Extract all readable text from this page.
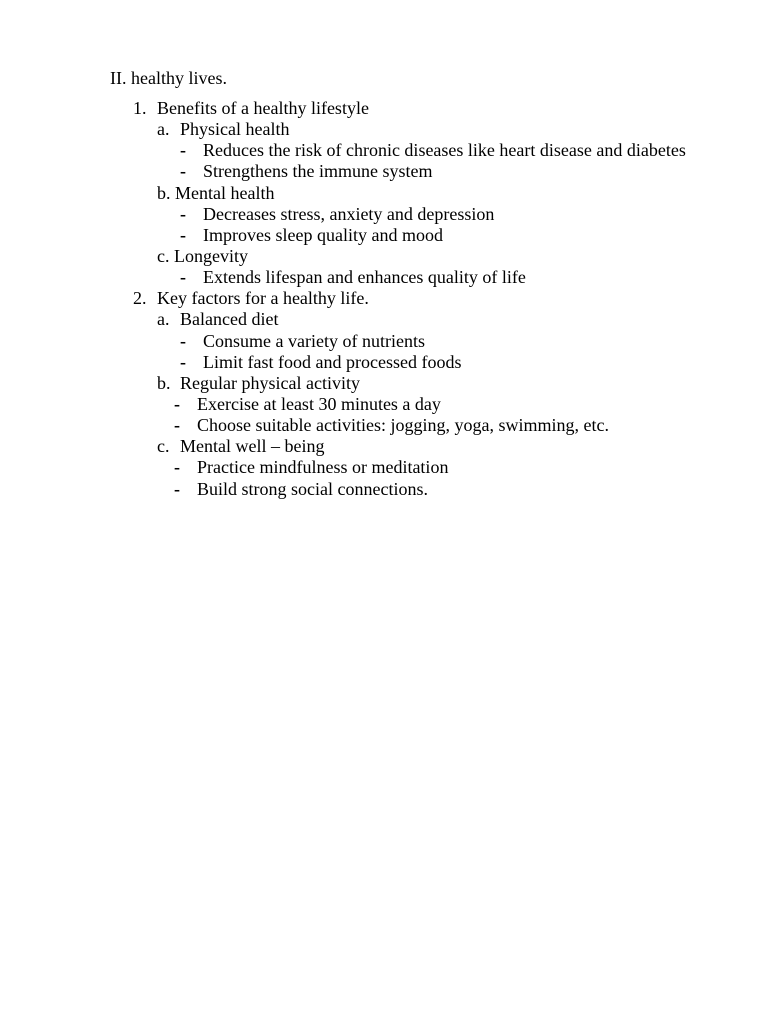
II. healthy lives.
1. Benefits of a healthy lifestyle
a. Physical health
- Reduces the risk of chronic diseases like heart disease and diabetes
- Strengthens the immune system
b. Mental health
- Decreases stress, anxiety and depression
- Improves sleep quality and mood
c. Longevity
- Extends lifespan and enhances quality of life
2. Key factors for a healthy life.
a. Balanced diet
- Consume a variety of nutrients
- Limit fast food and processed foods
b. Regular physical activity
- Exercise at least 30 minutes a day
- Choose suitable activities: jogging, yoga, swimming, etc.
c. Mental well – being
- Practice mindfulness or meditation
- Build strong social connections.
